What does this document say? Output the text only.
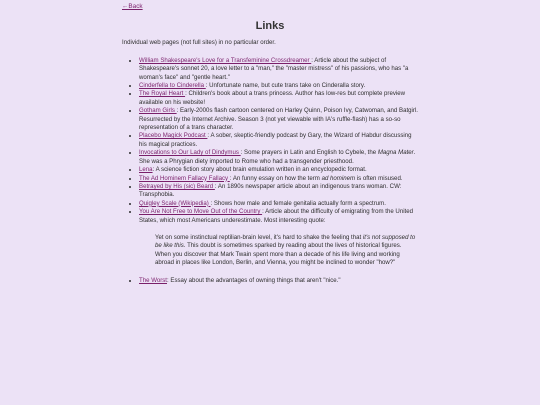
←Back
Links

Individual web pages (not full sites) in no particular order.

• William Shakespeare's Love for a Transfeminine Crossdreamer : Article about the subject of Shakespeare's sonnet 20, a love letter to a "man," the "master mistress" of his passions, who has "a woman's face" and "gentle heart."
• Cinderfella to Cinderella : Unfortunate name, but cute trans take on Cinderalla story.
• The Royal Heart : Children's book about a trans princess. Author has low-res but complete preview available on his website!
• Gotham Girls : Early-2000s flash cartoon centered on Harley Quinn, Poison Ivy, Catwoman, and Batgirl. Resurrected by the Internet Archive. Season 3 (not yet viewable with IA's ruffle-flash) has a so-so representation of a trans character.
• Placebo Magick Podcast : A sober, skeptic-friendly podcast by Gary, the Wizard of Habdur discussing his magical practices.
• Invocations to Our Lady of Dindymus : Some prayers in Latin and English to Cybele, the Magna Mater. She was a Phrygian diety imported to Rome who had a transgender priesthood.
• Lena: A science fiction story about brain emulation written in an encyclopedic format.
• The Ad Hominem Fallacy Fallacy : An funny essay on how the term ad hominem is often misused.
• Betrayed by His (sic) Beard : An 1890s newspaper article about an indigenous trans woman. CW: Transphobia.
• Quigley Scale (Wikipedia) : Shows how male and female genitalia actually form a spectrum.
• You Are Not Free to Move Out of the Country : Article about the difficulty of emigrating from the United States, which most Americans underestimate. Most interesting quote:

Yet on some instinctual reptilian-brain level, it's hard to shake the feeling that it's not supposed to be like this. This doubt is sometimes sparked by reading about the lives of historical figures. When you discover that Mark Twain spent more than a decade of his life living and working abroad in places like London, Berlin, and Vienna, you might be inclined to wonder "how?"

• The Worst: Essay about the advantages of owning things that aren't "nice."
